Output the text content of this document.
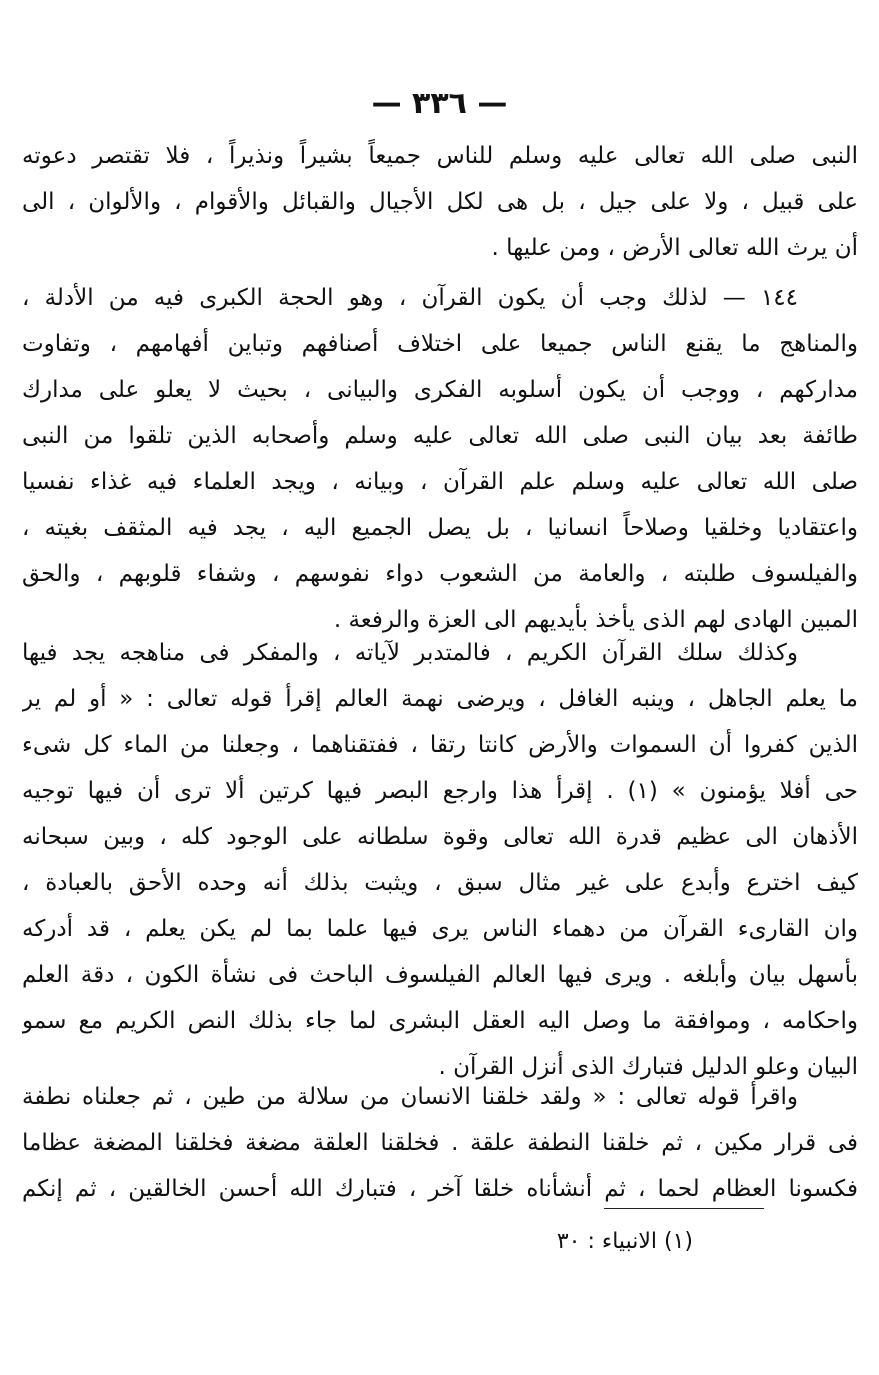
— ٣٣٦ —
النبى صلى الله تعالى عليه وسلم للناس جميعاً بشيراً ونذيراً ، فلا تقتصر دعوته
على قبيل ، ولا على جيل ، بل هى لكل الأجيال والقبائل والأقوام ، والألوان ، الى
أن يرث الله تعالى الأرض ، ومن عليها .
١٤٤ — لذلك وجب أن يكون القرآن ، وهو الحجة الكبرى فيه من الأدلة ،
والمناهج ما يقنع الناس جميعا على اختلاف أصنافهم وتباين أفهامهم ، وتفاوت
مداركهم ، ووجب أن يكون أسلوبه الفكرى والبيانى ، بحيث لا يعلو على مدارك
طائفة بعد بيان النبى صلى الله تعالى عليه وسلم وأصحابه الذين تلقوا من النبى
صلى الله تعالى عليه وسلم علم القرآن ، وبيانه ، ويجد العلماء فيه غذاء نفسيا
واعتقاديا وخلقيا وصلاحاً انسانيا ، بل يصل الجميع اليه ، يجد فيه المثقف بغيته ،
والفيلسوف طلبته ، والعامة من الشعوب دواء نفوسهم ، وشفاء قلوبهم ، والحق
المبين الهادى لهم الذى يأخذ بأيديهم الى العزة والرفعة .
وكذلك سلك القرآن الكريم ، فالمتدبر لآياته ، والمفكر فى مناهجه يجد فيها
ما يعلم الجاهل ، وينبه الغافل ، ويرضى نهمة العالم إقرأ قوله تعالى : « أو لم ير
الذين كفروا أن السموات والأرض كانتا رتقا ، ففتقناهما ، وجعلنا من الماء كل شىء
حى أفلا يؤمنون » (١) . إقرأ هذا وارجع البصر فيها كرتين ألا ترى أن فيها توجيه
الأذهان الى عظيم قدرة الله تعالى وقوة سلطانه على الوجود كله ، وبين سبحانه
كيف اخترع وأبدع على غير مثال سبق ، ويثبت بذلك أنه وحده الأحق بالعبادة ،
وان القارىء القرآن من دهماء الناس يرى فيها علما بما لم يكن يعلم ، قد أدركه
بأسهل بيان وأبلغه . ويرى فيها العالم الفيلسوف الباحث فى نشأة الكون ، دقة العلم
واحكامه ، وموافقة ما وصل اليه العقل البشرى لما جاء بذلك النص الكريم مع سمو
البيان وعلو الدليل فتبارك الذى أنزل القرآن .
واقرأ قوله تعالى : « ولقد خلقنا الانسان من سلالة من طين ، ثم جعلناه نطفة
فى قرار مكين ، ثم خلقنا النطفة علقة . فخلقنا العلقة مضغة فخلقنا المضغة عظاما
فكسونا العظام لحما ، ثم أنشأناه خلقا آخر ، فتبارك الله أحسن الخالقين ، ثم إنكم
(١) الانبياء : ٣٠
